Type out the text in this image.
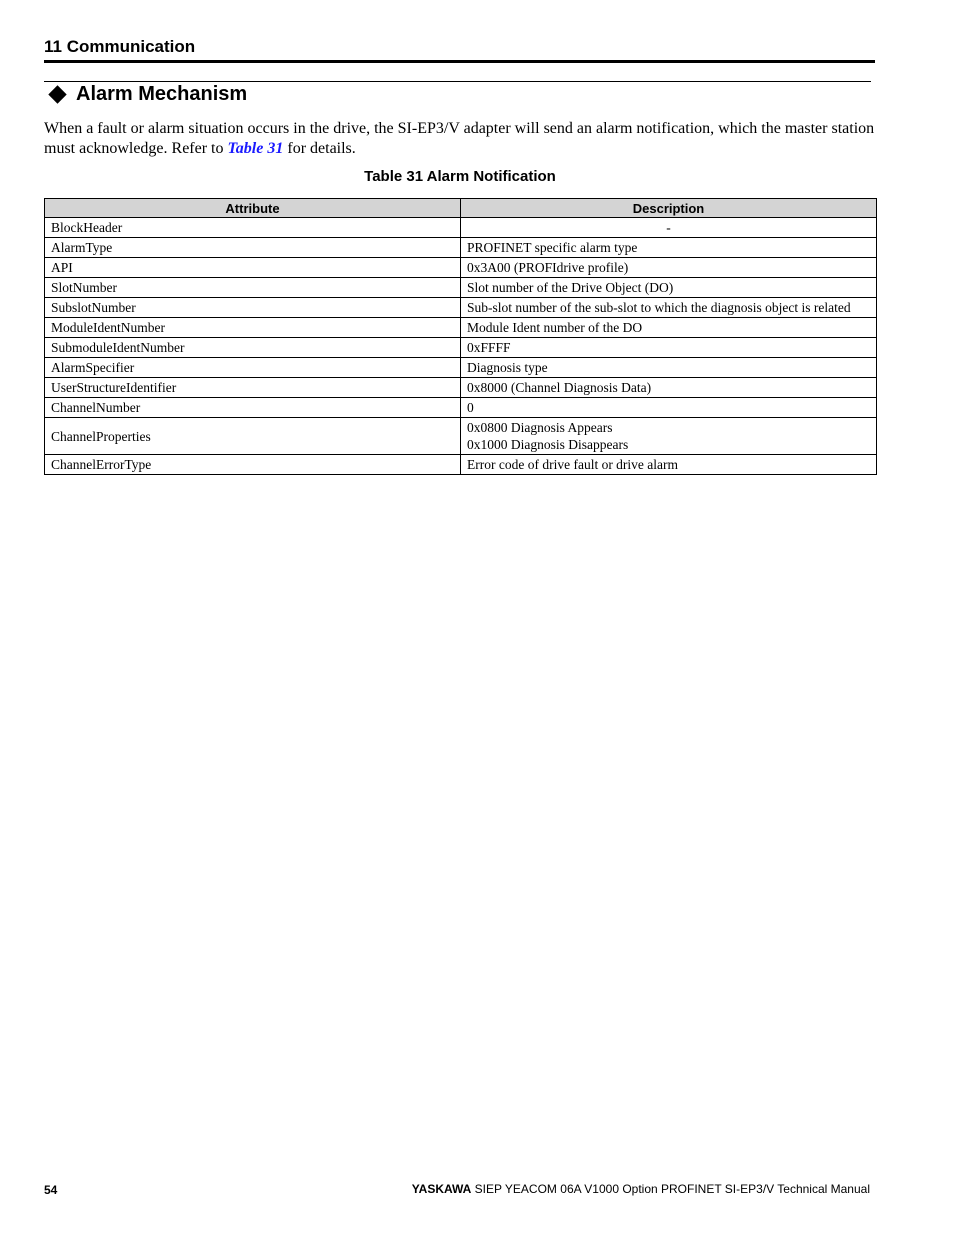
11 Communication
Alarm Mechanism
When a fault or alarm situation occurs in the drive, the SI-EP3/V adapter will send an alarm notification, which the master station must acknowledge. Refer to Table 31 for details.
Table 31 Alarm Notification
Attribute	Description
BlockHeader	-
AlarmType	PROFINET specific alarm type
API	0x3A00 (PROFIdrive profile)
SlotNumber	Slot number of the Drive Object (DO)
SubslotNumber	Sub-slot number of the sub-slot to which the diagnosis object is related
ModuleIdentNumber	Module Ident number of the DO
SubmoduleIdentNumber	0xFFFF
AlarmSpecifier	Diagnosis type
UserStructureIdentifier	0x8000 (Channel Diagnosis Data)
ChannelNumber	0
ChannelProperties	0x0800 Diagnosis Appears
0x1000 Diagnosis Disappears
ChannelErrorType	Error code of drive fault or drive alarm
54	YASKAWA SIEP YEACOM 06A V1000 Option PROFINET SI-EP3/V Technical Manual
